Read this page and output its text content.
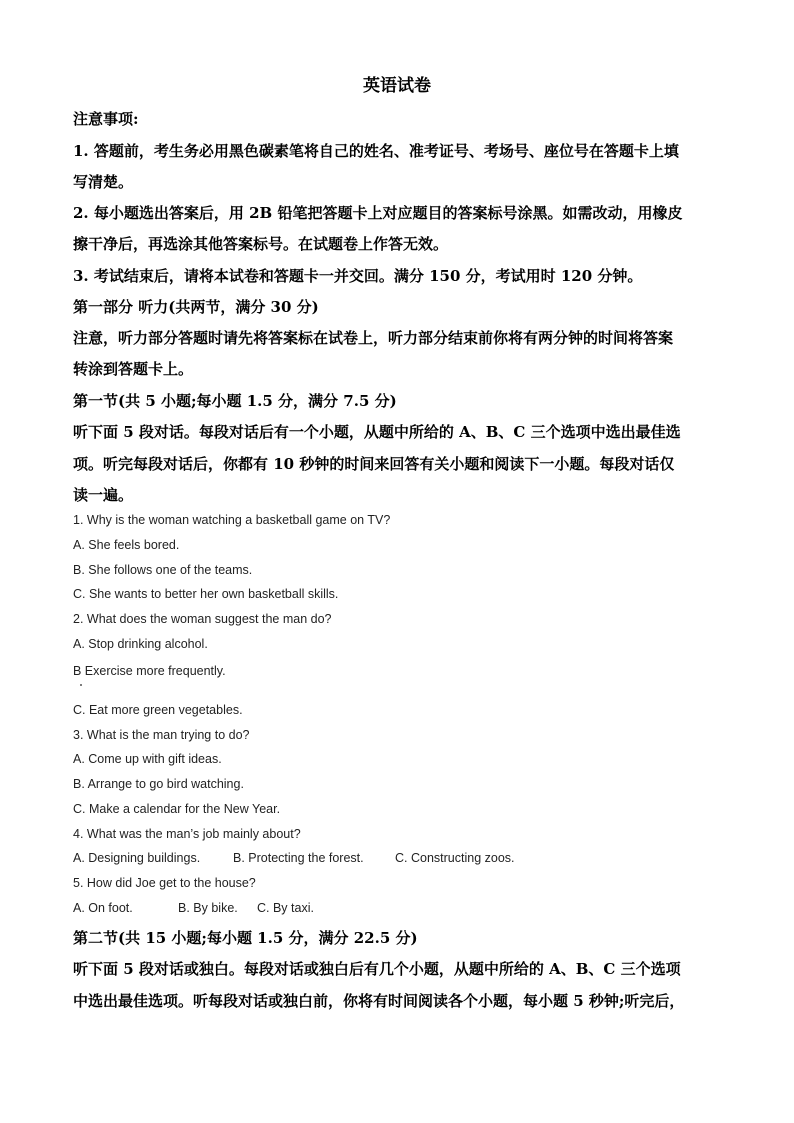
英语试卷
注意事项:
1. 答题前，考生务必用黑色碳素笔将自己的姓名、准考证号、考场号、座位号在答题卡上填
写清楚。
2. 每小题选出答案后，用 2B 铅笔把答题卡上对应题目的答案标号涂黑。如需改动，用橡皮
擦干净后，再选涂其他答案标号。在试题卷上作答无效。
3. 考试结束后，请将本试卷和答题卡一并交回。满分 150 分，考试用时 120 分钟。
第一部分 听力(共两节，满分 30 分)
注意，听力部分答题时请先将答案标在试卷上，听力部分结束前你将有两分钟的时间将答案
转涂到答题卡上。
第一节(共 5 小题;每小题 1.5 分，满分 7.5 分)
听下面 5 段对话。每段对话后有一个小题，从题中所给的 A、B、C 三个选项中选出最佳选
项。听完每段对话后，你都有 10 秒钟的时间来回答有关小题和阅读下一小题。每段对话仅
读一遍。
1. Why is the woman watching a basketball game on TV?
A. She feels bored.
B. She follows one of the teams.
C. She wants to better her own basketball skills.
2. What does the woman suggest the man do?
A. Stop drinking alcohol.
B Exercise more frequently.
C. Eat more green vegetables.
3. What is the man trying to do?
A. Come up with gift ideas.
B. Arrange to go bird watching.
C. Make a calendar for the New Year.
4. What was the man’s job mainly about?
A. Designing buildings.	B. Protecting the forest.	C. Constructing zoos.
5. How did Joe get to the house?
A. On foot.	B. By bike. C. By taxi.
第二节(共 15 小题;每小题 1.5 分，满分 22.5 分)
听下面 5 段对话或独白。每段对话或独白后有几个小题，从题中所给的 A、B、C 三个选项
中选出最佳选项。听每段对话或独白前，你将有时间阅读各个小题，每小题 5 秒钟;听完后，
